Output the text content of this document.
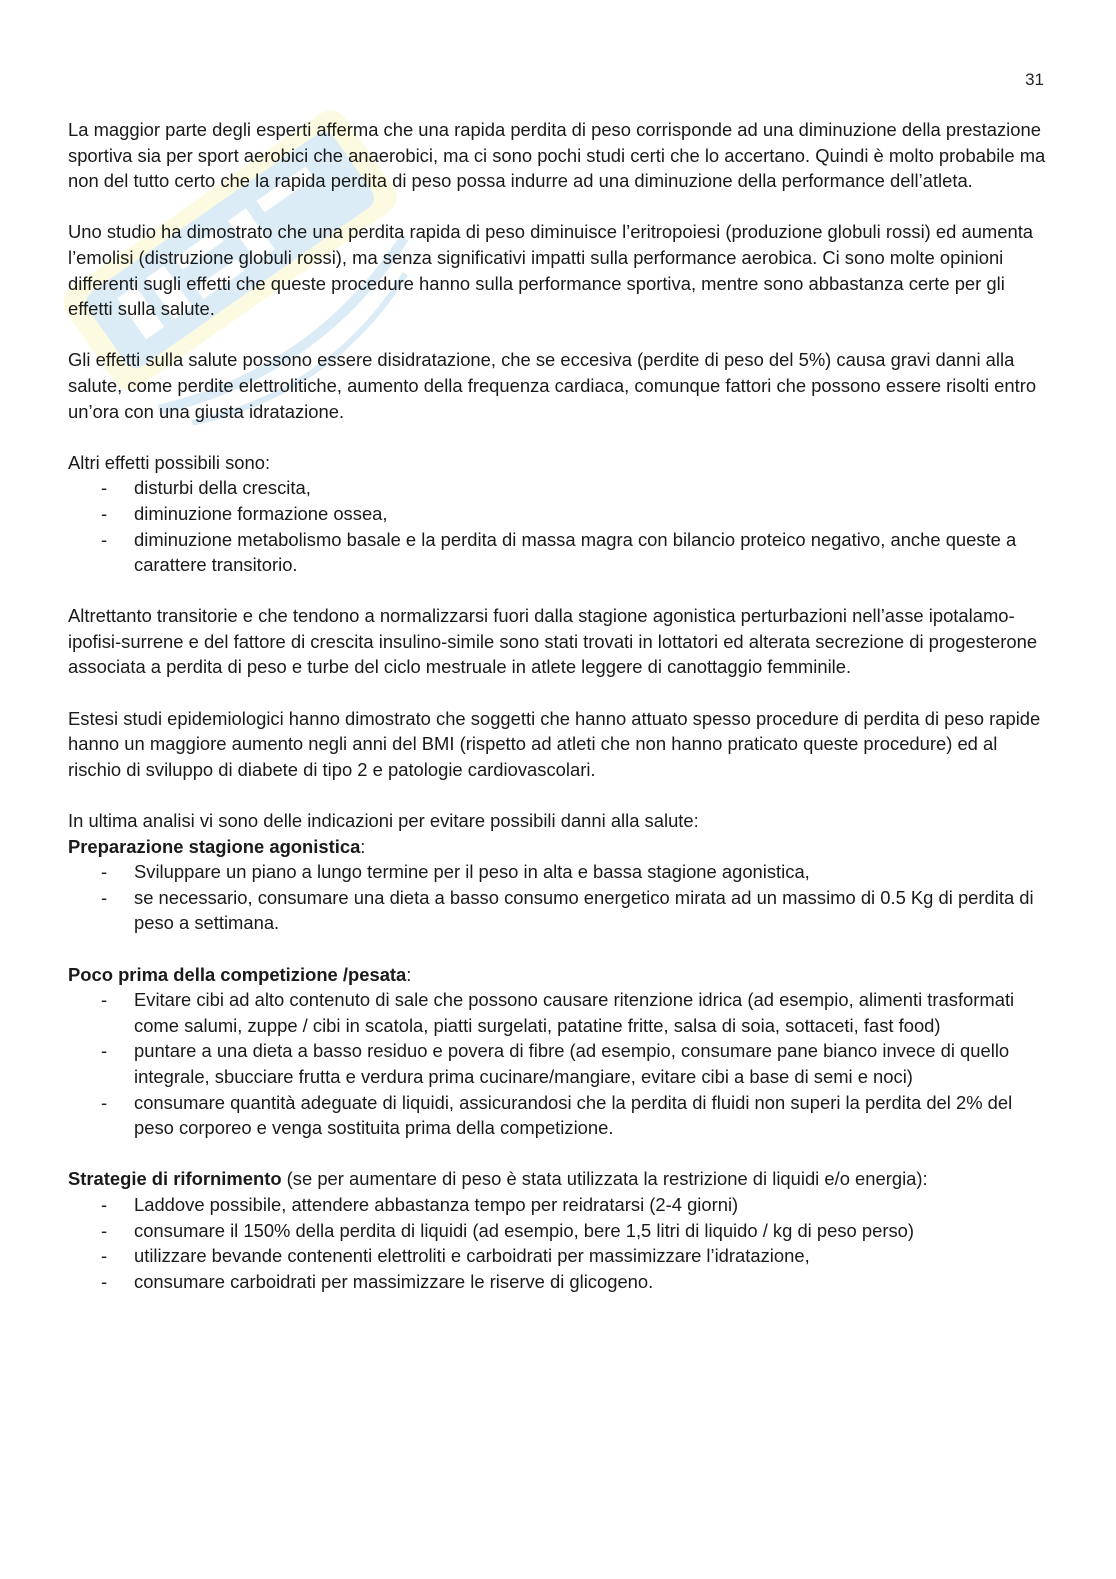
31

La maggior parte degli esperti afferma che una rapida perdita di peso corrisponde ad una diminuzione della prestazione sportiva sia per sport aerobici che anaerobici, ma ci sono pochi studi certi che lo accertano. Quindi è molto probabile ma non del tutto certo che la rapida perdita di peso possa indurre ad una diminuzione della performance dell’atleta.

Uno studio ha dimostrato che una perdita rapida di peso diminuisce l’eritropoiesi (produzione globuli rossi) ed aumenta l’emolisi (distruzione globuli rossi), ma senza significativi impatti sulla performance aerobica. Ci sono molte opinioni differenti sugli effetti che queste procedure hanno sulla performance sportiva, mentre sono abbastanza certe per gli effetti sulla salute.

Gli effetti sulla salute possono essere disidratazione, che se eccesiva (perdite di peso del 5%) causa gravi danni alla salute, come perdite elettrolitiche, aumento della frequenza cardiaca, comunque fattori che possono essere risolti entro un’ora con una giusta idratazione.

Altri effetti possibili sono:

- disturbi della crescita,
- diminuzione formazione ossea,
- diminuzione metabolismo basale e la perdita di massa magra con bilancio proteico negativo, anche queste a carattere transitorio.

Altrettanto transitorie e che tendono a normalizzarsi fuori dalla stagione agonistica perturbazioni nell’asse ipotalamo-ipofisi-surrene e del fattore di crescita insulino-simile sono stati trovati in lottatori ed alterata secrezione di progesterone associata a perdita di peso e turbe del ciclo mestruale in atlete leggere di canottaggio femminile.

Estesi studi epidemiologici hanno dimostrato che soggetti che hanno attuato spesso procedure di perdita di peso rapide hanno un maggiore aumento negli anni del BMI (rispetto ad atleti che non hanno praticato queste procedure) ed al rischio di sviluppo di diabete di tipo 2 e patologie cardiovascolari.

In ultima analisi vi sono delle indicazioni per evitare possibili danni alla salute:

Preparazione stagione agonistica:

- Sviluppare un piano a lungo termine per il peso in alta e bassa stagione agonistica,
- se necessario, consumare una dieta a basso consumo energetico mirata ad un massimo di 0.5 Kg di perdita di peso a settimana.

Poco prima della competizione /pesata:

- Evitare cibi ad alto contenuto di sale che possono causare ritenzione idrica (ad esempio, alimenti trasformati come salumi, zuppe / cibi in scatola, piatti surgelati, patatine fritte, salsa di soia, sottaceti, fast food)
- puntare a una dieta a basso residuo e povera di fibre (ad esempio, consumare pane bianco invece di quello integrale, sbucciare frutta e verdura prima cucinare/mangiare, evitare cibi a base di semi e noci)
- consumare quantità adeguate di liquidi, assicurandosi che la perdita di fluidi non superi la perdita del 2% del peso corporeo e venga sostituita prima della competizione.

Strategie di rifornimento (se per aumentare di peso è stata utilizzata la restrizione di liquidi e/o energia):

- Laddove possibile, attendere abbastanza tempo per reidratarsi (2-4 giorni)
- consumare il 150% della perdita di liquidi (ad esempio, bere 1,5 litri di liquido / kg di peso perso)
- utilizzare bevande contenenti elettroliti e carboidrati per massimizzare l’idratazione,
- consumare carboidrati per massimizzare le riserve di glicogeno.
